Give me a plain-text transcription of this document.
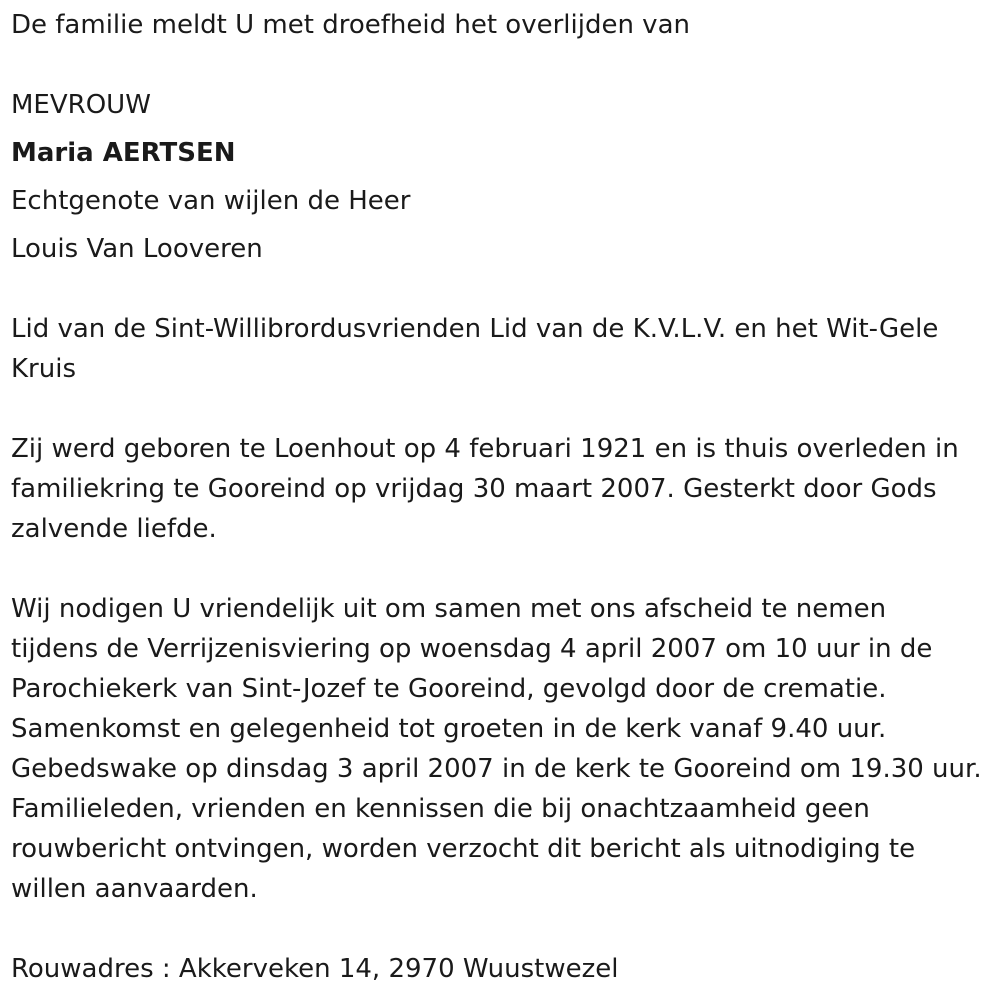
De familie meldt U met droefheid het overlijden van
MEVROUW
Maria AERTSEN
Echtgenote van wijlen de Heer
Louis Van Looveren
Lid van de Sint-Willibrordusvrienden Lid van de K.V.L.V. en het Wit-Gele
Kruis
Zij werd geboren te Loenhout op 4 februari 1921 en is thuis overleden in
familiekring te Gooreind op vrijdag 30 maart 2007. Gesterkt door Gods
zalvende liefde.
Wij nodigen U vriendelijk uit om samen met ons afscheid te nemen
tijdens de Verrijzenisviering op woensdag 4 april 2007 om 10 uur in de
Parochiekerk van Sint-Jozef te Gooreind, gevolgd door de crematie.
Samenkomst en gelegenheid tot groeten in de kerk vanaf 9.40 uur.
Gebedswake op dinsdag 3 april 2007 in de kerk te Gooreind om 19.30 uur.
Familieleden, vrienden en kennissen die bij onachtzaamheid geen
rouwbericht ontvingen, worden verzocht dit bericht als uitnodiging te
willen aanvaarden.
Rouwadres : Akkerveken 14, 2970 Wuustwezel
